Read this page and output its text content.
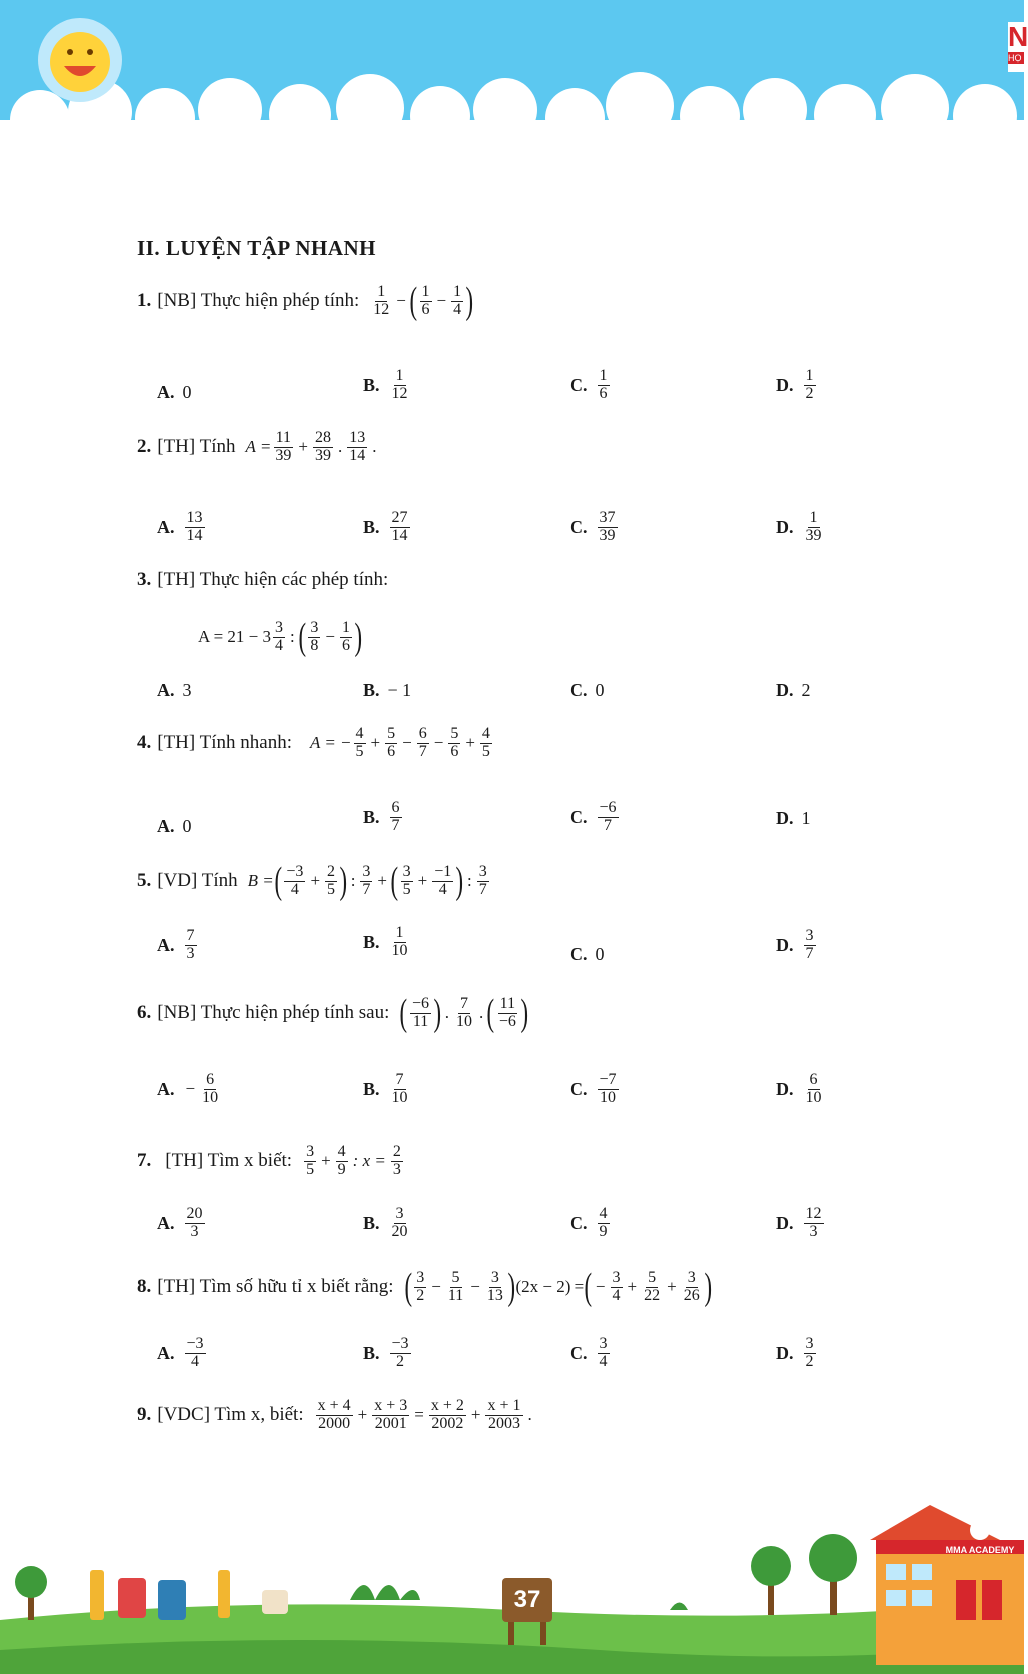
N
HỌ
II. LUYỆN TẬP NHANH
1. [NB] Thực hiện phép tính: $\frac{1}{12}$ − ( $\frac{1}{6} - \frac{1}{4}$ )
A. 0	B. $\frac{1}{12}$	C. $\frac{1}{6}$	D. $\frac{1}{2}$
2. [TH] Tính $A = \frac{11}{39} + \frac{28}{39}$ . $\frac{13}{14}$ .
A. $\frac{13}{14}$	B. $\frac{27}{14}$	C. $\frac{37}{39}$	D. $\frac{1}{39}$
3. [TH] Thực hiện các phép tính:
$A = 21 - 3 \frac{3}{4}$ : ( $\frac{3}{8} - \frac{1}{6}$ )
A. 3	B. − 1	C. 0	D. 2
4. [TH] Tính nhanh: A = − $\frac{4}{5} + \frac{5}{6} - \frac{6}{7} - \frac{5}{6} + \frac{4}{5}$
A. 0	B. $\frac{6}{7}$	C. $\frac{-6}{7}$	D. 1
5. [VD] Tính B = ( $\frac{-3}{4} + \frac{2}{5}$ ) : $\frac{3}{7}$ + ( $\frac{3}{5} + \frac{-1}{4}$ ) : $\frac{3}{7}$
A. $\frac{7}{3}$	B. $\frac{1}{10}$	C. 0	D. $\frac{3}{7}$
6. [NB] Thực hiện phép tính sau: ( $\frac{-6}{11}$ ) . $\frac{7}{10}$ . ( $\frac{11}{-6}$ )
A. − $\frac{6}{10}$	B. $\frac{7}{10}$	C. $\frac{-7}{10}$	D. $\frac{6}{10}$
7. [TH] Tìm x biết: $\frac{3}{5} + \frac{4}{9}$ : $x = \frac{2}{3}$
A. $\frac{20}{3}$	B. $\frac{3}{20}$	C. $\frac{4}{9}$	D. $\frac{12}{3}$
8. [TH] Tìm số hữu tỉ x biết rằng: ( $\frac{3}{2} - \frac{5}{11} - \frac{3}{13}$ ) (2x − 2) = ( − $\frac{3}{4} + \frac{5}{22} + \frac{3}{26}$ )
A. $\frac{-3}{4}$	B. $\frac{-3}{2}$	C. $\frac{3}{4}$	D. $\frac{3}{2}$
9. [VDC] Tìm x, biết: $\frac{x + 4}{2000} + \frac{x + 3}{2001} = \frac{x + 2}{2002} + \frac{x + 1}{2003}$ .
37
MMA ACADEMY
